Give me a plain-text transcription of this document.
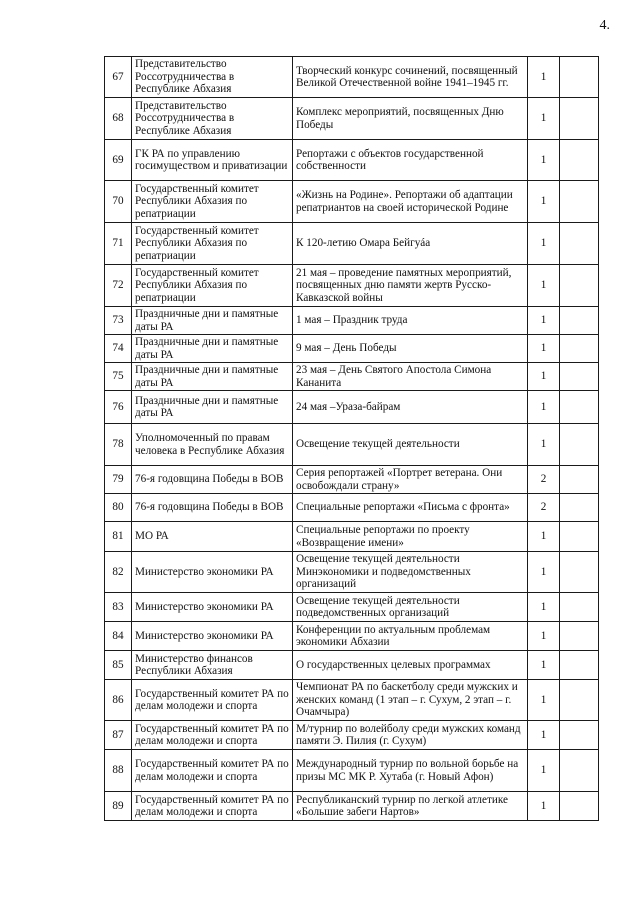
4.
67	Представительство Россотрудничества в Республике Абхазия	Творческий конкурс сочинений, посвященный Великой Отечественной войне 1941–1945 гг.	1	
68	Представительство Россотрудничества в Республике Абхазия	Комплекс мероприятий, посвященных Дню Победы	1	
69	ГК РА по управлению госимуществом и приватизации	Репортажи с объектов государственной собственности	1	
70	Государственный комитет Республики Абхазия по репатриации	«Жизнь на Родине». Репортажи об адаптации репатриантов на своей исторической Родине	1	
71	Государственный комитет Республики Абхазия по репатриации	К 120-летию Омара Бейгуáа	1	
72	Государственный комитет Республики Абхазия по репатриации	21 мая – проведение памятных мероприятий, посвященных дню памяти жертв Русско-Кавказской войны	1	
73	Праздничные дни и памятные даты РА	1 мая – Праздник труда	1	
74	Праздничные дни и памятные даты РА	9 мая – День Победы	1	
75	Праздничные дни и памятные даты РА	23 мая – День Святого Апостола Симона Кананита	1	
76	Праздничные дни и памятные даты РА	24 мая –Ураза-байрам	1	
78	Уполномоченный по правам человека в Республике Абхазия	Освещение текущей деятельности	1	
79	76-я годовщина Победы в ВОВ	Серия репортажей «Портрет ветерана. Они освобождали страну»	2	
80	76-я годовщина Победы в ВОВ	Специальные репортажи «Письма с фронта»	2	
81	МО РА	Специальные репортажи по проекту «Возвращение имени»	1	
82	Министерство экономики РА	Освещение текущей деятельности Минэкономики и подведомственных организаций	1	
83	Министерство экономики РА	Освещение текущей деятельности подведомственных организаций	1	
84	Министерство экономики РА	Конференции по актуальным проблемам экономики Абхазии	1	
85	Министерство финансов Республики Абхазия	О государственных целевых программах	1	
86	Государственный комитет РА по делам молодежи и спорта	Чемпионат РА по баскетболу среди мужских и женских команд (1 этап – г. Сухум, 2 этап – г. Очамчыра)	1	
87	Государственный комитет РА по делам молодежи и спорта	М/турнир по волейболу среди мужских команд памяти Э. Пилия (г. Сухум)	1	
88	Государственный комитет РА по делам молодежи и спорта	Международный турнир по вольной борьбе на призы МС МК Р. Хутаба (г. Новый Афон)	1	
89	Государственный комитет РА по делам молодежи и спорта	Республиканский турнир по легкой атлетике «Большие забеги Нартов»	1	
